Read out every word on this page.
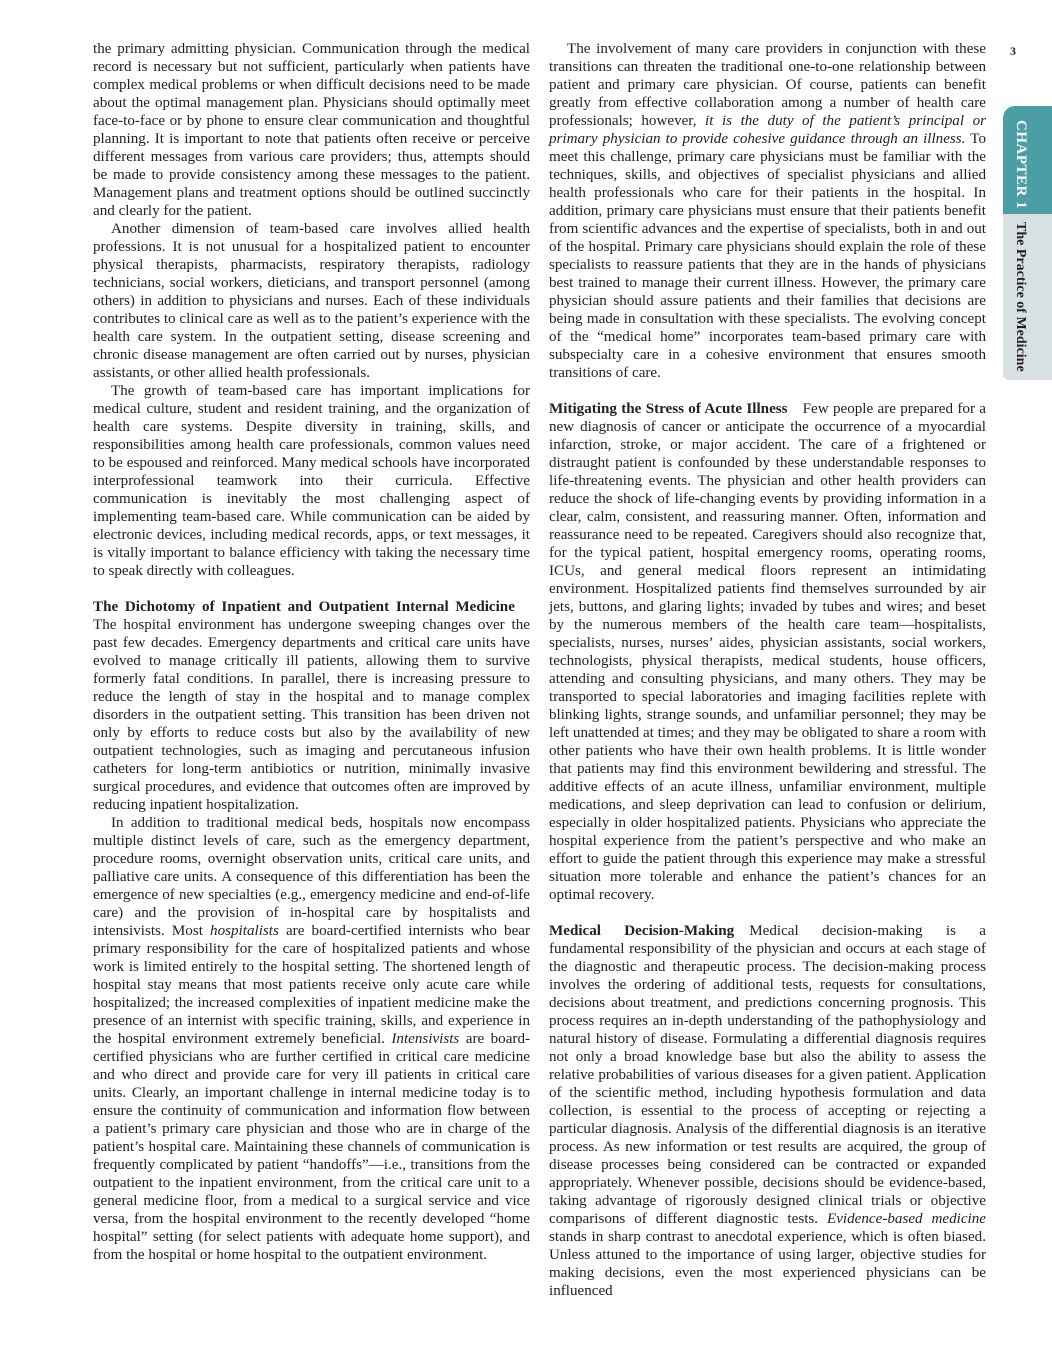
3
CHAPTER 1
The Practice of Medicine

the primary admitting physician. Communication through the medical record is necessary but not sufficient, particularly when patients have complex medical problems or when difficult decisions need to be made about the optimal management plan. Physicians should optimally meet face-to-face or by phone to ensure clear communication and thoughtful planning. It is important to note that patients often receive or perceive different messages from various care providers; thus, attempts should be made to provide consistency among these messages to the patient. Management plans and treatment options should be outlined succinctly and clearly for the patient.

Another dimension of team-based care involves allied health professions. It is not unusual for a hospitalized patient to encounter physical therapists, pharmacists, respiratory therapists, radiology technicians, social workers, dieticians, and transport personnel (among others) in addition to physicians and nurses. Each of these individuals contributes to clinical care as well as to the patient’s experience with the health care system. In the outpatient setting, disease screening and chronic disease management are often carried out by nurses, physician assistants, or other allied health professionals.

The growth of team-based care has important implications for medical culture, student and resident training, and the organization of health care systems. Despite diversity in training, skills, and responsibilities among health care professionals, common values need to be espoused and reinforced. Many medical schools have incorporated interprofessional teamwork into their curricula. Effective communication is inevitably the most challenging aspect of implementing team-based care. While communication can be aided by electronic devices, including medical records, apps, or text messages, it is vitally important to balance efficiency with taking the necessary time to speak directly with colleagues.

The Dichotomy of Inpatient and Outpatient Internal Medicine The hospital environment has undergone sweeping changes over the past few decades. Emergency departments and critical care units have evolved to manage critically ill patients, allowing them to survive formerly fatal conditions. In parallel, there is increasing pressure to reduce the length of stay in the hospital and to manage complex disorders in the outpatient setting. This transition has been driven not only by efforts to reduce costs but also by the availability of new outpatient technologies, such as imaging and percutaneous infusion catheters for long-term antibiotics or nutrition, minimally invasive surgical procedures, and evidence that outcomes often are improved by reducing inpatient hospitalization.

In addition to traditional medical beds, hospitals now encompass multiple distinct levels of care, such as the emergency department, procedure rooms, overnight observation units, critical care units, and palliative care units. A consequence of this differentiation has been the emergence of new specialties (e.g., emergency medicine and end-of-life care) and the provision of in-hospital care by hospitalists and intensivists. Most hospitalists are board-certified internists who bear primary responsibility for the care of hospitalized patients and whose work is limited entirely to the hospital setting. The shortened length of hospital stay means that most patients receive only acute care while hospitalized; the increased complexities of inpatient medicine make the presence of an internist with specific training, skills, and experience in the hospital environment extremely beneficial. Intensivists are board-certified physicians who are further certified in critical care medicine and who direct and provide care for very ill patients in critical care units. Clearly, an important challenge in internal medicine today is to ensure the continuity of communication and information flow between a patient’s primary care physician and those who are in charge of the patient’s hospital care. Maintaining these channels of communication is frequently complicated by patient “handoffs”—i.e., transitions from the outpatient to the inpatient environment, from the critical care unit to a general medicine floor, from a medical to a surgical service and vice versa, from the hospital environment to the recently developed “home hospital” setting (for select patients with adequate home support), and from the hospital or home hospital to the outpatient environment.

The involvement of many care providers in conjunction with these transitions can threaten the traditional one-to-one relationship between patient and primary care physician. Of course, patients can benefit greatly from effective collaboration among a number of health care professionals; however, it is the duty of the patient’s principal or primary physician to provide cohesive guidance through an illness. To meet this challenge, primary care physicians must be familiar with the techniques, skills, and objectives of specialist physicians and allied health professionals who care for their patients in the hospital. In addition, primary care physicians must ensure that their patients benefit from scientific advances and the expertise of specialists, both in and out of the hospital. Primary care physicians should explain the role of these specialists to reassure patients that they are in the hands of physicians best trained to manage their current illness. However, the primary care physician should assure patients and their families that decisions are being made in consultation with these specialists. The evolving concept of the “medical home” incorporates team-based primary care with subspecialty care in a cohesive environment that ensures smooth transitions of care.

Mitigating the Stress of Acute Illness  Few people are prepared for a new diagnosis of cancer or anticipate the occurrence of a myocardial infarction, stroke, or major accident. The care of a frightened or distraught patient is confounded by these understandable responses to life-threatening events. The physician and other health providers can reduce the shock of life-changing events by providing information in a clear, calm, consistent, and reassuring manner. Often, information and reassurance need to be repeated. Caregivers should also recognize that, for the typical patient, hospital emergency rooms, operating rooms, ICUs, and general medical floors represent an intimidating environment. Hospitalized patients find themselves surrounded by air jets, buttons, and glaring lights; invaded by tubes and wires; and beset by the numerous members of the health care team—hospitalists, specialists, nurses, nurses’ aides, physician assistants, social workers, technologists, physical therapists, medical students, house officers, attending and consulting physicians, and many others. They may be transported to special laboratories and imaging facilities replete with blinking lights, strange sounds, and unfamiliar personnel; they may be left unattended at times; and they may be obligated to share a room with other patients who have their own health problems. It is little wonder that patients may find this environment bewildering and stressful. The additive effects of an acute illness, unfamiliar environment, multiple medications, and sleep deprivation can lead to confusion or delirium, especially in older hospitalized patients. Physicians who appreciate the hospital experience from the patient’s perspective and who make an effort to guide the patient through this experience may make a stressful situation more tolerable and enhance the patient’s chances for an optimal recovery.

Medical Decision-Making  Medical decision-making is a fundamental responsibility of the physician and occurs at each stage of the diagnostic and therapeutic process. The decision-making process involves the ordering of additional tests, requests for consultations, decisions about treatment, and predictions concerning prognosis. This process requires an in-depth understanding of the pathophysiology and natural history of disease. Formulating a differential diagnosis requires not only a broad knowledge base but also the ability to assess the relative probabilities of various diseases for a given patient. Application of the scientific method, including hypothesis formulation and data collection, is essential to the process of accepting or rejecting a particular diagnosis. Analysis of the differential diagnosis is an iterative process. As new information or test results are acquired, the group of disease processes being considered can be contracted or expanded appropriately. Whenever possible, decisions should be evidence-based, taking advantage of rigorously designed clinical trials or objective comparisons of different diagnostic tests. Evidence-based medicine stands in sharp contrast to anecdotal experience, which is often biased. Unless attuned to the importance of using larger, objective studies for making decisions, even the most experienced physicians can be influenced
